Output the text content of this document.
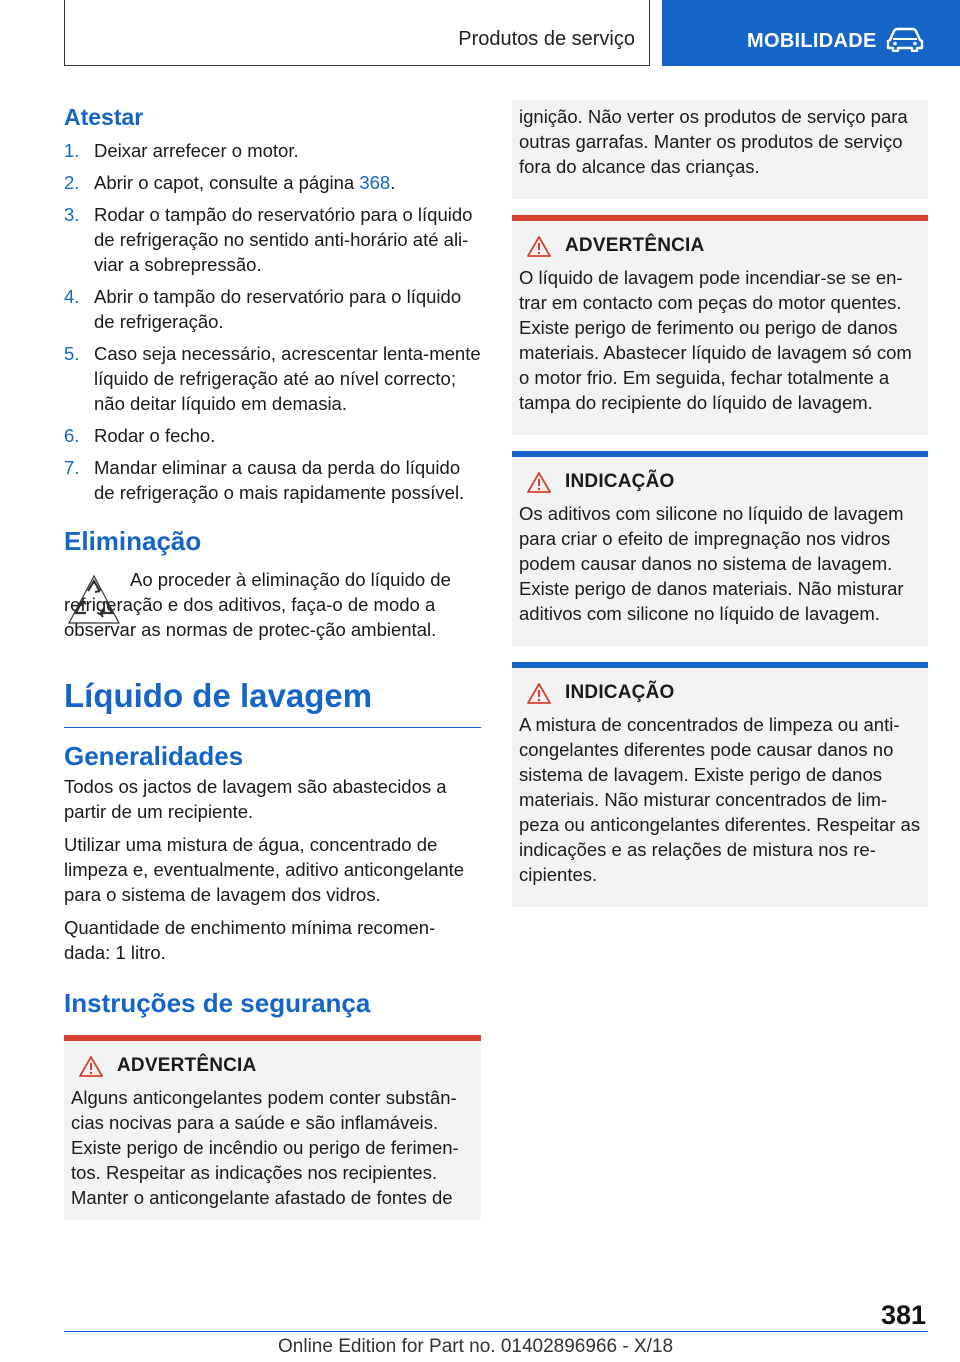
Produtos de serviço	MOBILIDADE
Atestar
1. Deixar arrefecer o motor.
2. Abrir o capot, consulte a página 368.
3. Rodar o tampão do reservatório para o líquido de refrigeração no sentido anti-horário até ali-viar a sobrepressão.
4. Abrir o tampão do reservatório para o líquido de refrigeração.
5. Caso seja necessário, acrescentar lenta-mente líquido de refrigeração até ao nível correcto; não deitar líquido em demasia.
6. Rodar o fecho.
7. Mandar eliminar a causa da perda do líquido de refrigeração o mais rapidamente possível.
Eliminação
Ao proceder à eliminação do líquido de refrigeração e dos aditivos, faça-o de modo a observar as normas de protec-ção ambiental.
Líquido de lavagem
Generalidades
Todos os jactos de lavagem são abastecidos a partir de um recipiente.
Utilizar uma mistura de água, concentrado de limpeza e, eventualmente, aditivo anticongelante para o sistema de lavagem dos vidros.
Quantidade de enchimento mínima recomen-dada: 1 litro.
Instruções de segurança
ADVERTÊNCIA
Alguns anticongelantes podem conter substân-cias nocivas para a saúde e são inflamáveis. Existe perigo de incêndio ou perigo de ferimen-tos. Respeitar as indicações nos recipientes. Manter o anticongelante afastado de fontes de
ignição. Não verter os produtos de serviço para outras garrafas. Manter os produtos de serviço fora do alcance das crianças.
ADVERTÊNCIA
O líquido de lavagem pode incendiar-se se en-trar em contacto com peças do motor quentes. Existe perigo de ferimento ou perigo de danos materiais. Abastecer líquido de lavagem só com o motor frio. Em seguida, fechar totalmente a tampa do recipiente do líquido de lavagem.
INDICAÇÃO
Os aditivos com silicone no líquido de lavagem para criar o efeito de impregnação nos vidros podem causar danos no sistema de lavagem. Existe perigo de danos materiais. Não misturar aditivos com silicone no líquido de lavagem.
INDICAÇÃO
A mistura de concentrados de limpeza ou anti-congelantes diferentes pode causar danos no sistema de lavagem. Existe perigo de danos materiais. Não misturar concentrados de lim-peza ou anticongelantes diferentes. Respeitar as indicações e as relações de mistura nos re-cipientes.
381
Online Edition for Part no. 01402896966 - X/18
